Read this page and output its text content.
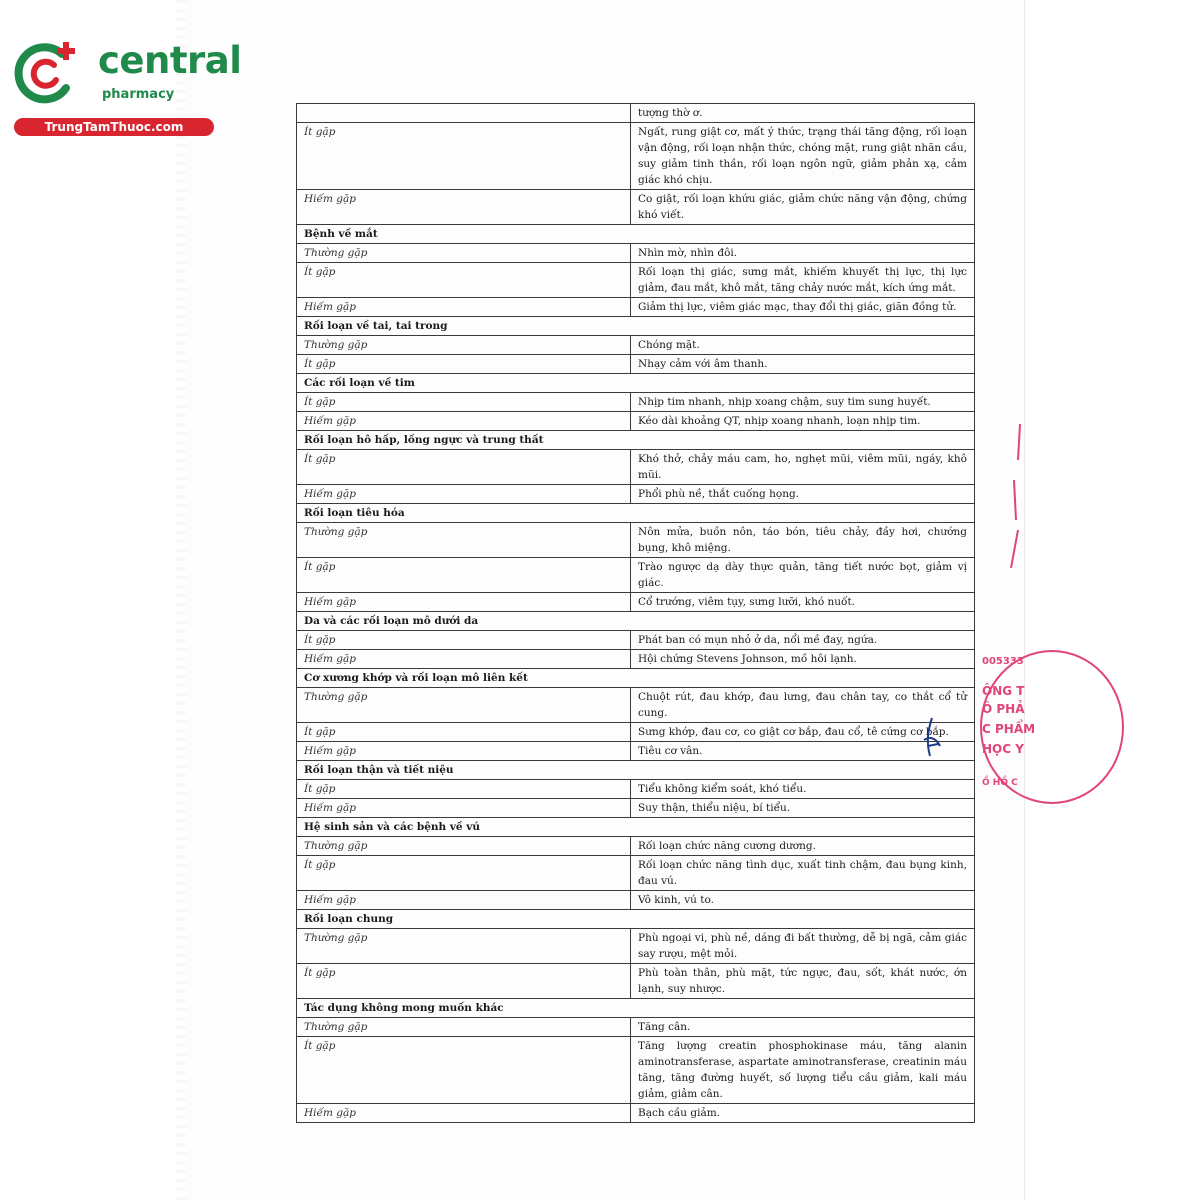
central
pharmacy
TrungTamThuoc.com
	tượng thờ ơ.
Ít gặp	Ngất, rung giật cơ, mất ý thức, trạng thái tăng động, rối loạn vận động, rối loạn nhận thức, chóng mặt, rung giật nhãn cầu, suy giảm tinh thần, rối loạn ngôn ngữ, giảm phản xạ, cảm giác khó chịu.
Hiếm gặp	Co giật, rối loạn khứu giác, giảm chức năng vận động, chứng khó viết.
Bệnh về mắt	
Thường gặp	Nhìn mờ, nhìn đôi.
Ít gặp	Rối loạn thị giác, sưng mắt, khiếm khuyết thị lực, thị lực giảm, đau mắt, khô mắt, tăng chảy nước mắt, kích ứng mắt.
Hiếm gặp	Giảm thị lực, viêm giác mạc, thay đổi thị giác, giãn đồng tử.
Rối loạn về tai, tai trong	
Thường gặp	Chóng mặt.
Ít gặp	Nhạy cảm với âm thanh.
Các rối loạn về tim	
Ít gặp	Nhịp tim nhanh, nhịp xoang chậm, suy tim sung huyết.
Hiếm gặp	Kéo dài khoảng QT, nhịp xoang nhanh, loạn nhịp tim.
Rối loạn hô hấp, lồng ngực và trung thất	
Ít gặp	Khó thở, chảy máu cam, ho, nghẹt mũi, viêm mũi, ngáy, khô mũi.
Hiếm gặp	Phổi phù nề, thắt cuống họng.
Rối loạn tiêu hóa	
Thường gặp	Nôn mửa, buồn nôn, táo bón, tiêu chảy, đầy hơi, chướng bụng, khô miệng.
Ít gặp	Trào ngược dạ dày thực quản, tăng tiết nước bọt, giảm vị giác.
Hiếm gặp	Cổ trướng, viêm tụy, sưng lưỡi, khó nuốt.
Da và các rối loạn mô dưới da	
Ít gặp	Phát ban có mụn nhỏ ở da, nổi mề đay, ngứa.
Hiếm gặp	Hội chứng Stevens Johnson, mồ hôi lạnh.
Cơ xương khớp và rối loạn mô liên kết	
Thường gặp	Chuột rút, đau khớp, đau lưng, đau chân tay, co thắt cổ tử cung.
Ít gặp	Sưng khớp, đau cơ, co giật cơ bắp, đau cổ, tê cứng cơ bắp.
Hiếm gặp	Tiêu cơ vân.
Rối loạn thận và tiết niệu	
Ít gặp	Tiểu không kiểm soát, khó tiểu.
Hiếm gặp	Suy thận, thiểu niệu, bí tiểu.
Hệ sinh sản và các bệnh về vú	
Thường gặp	Rối loạn chức năng cương dương.
Ít gặp	Rối loạn chức năng tình dục, xuất tinh chậm, đau bụng kinh, đau vú.
Hiếm gặp	Vô kinh, vú to.
Rối loạn chung	
Thường gặp	Phù ngoại vi, phù nề, dáng đi bất thường, dễ bị ngã, cảm giác say rượu, mệt mỏi.
Ít gặp	Phù toàn thân, phù mặt, tức ngực, đau, sốt, khát nước, ớn lạnh, suy nhược.
Tác dụng không mong muốn khác	
Thường gặp	Tăng cân.
Ít gặp	Tăng lượng creatin phosphokinase máu, tăng alanin aminotransferase, aspartate aminotransferase, creatinin máu tăng, tăng đường huyết, số lượng tiểu cầu giảm, kali máu giảm, giảm cân.
Hiếm gặp	Bạch cầu giảm.
005333
ÔNG T
Ô PHẢ
C PHẨM
HỌC Y
Ồ HỒ C
